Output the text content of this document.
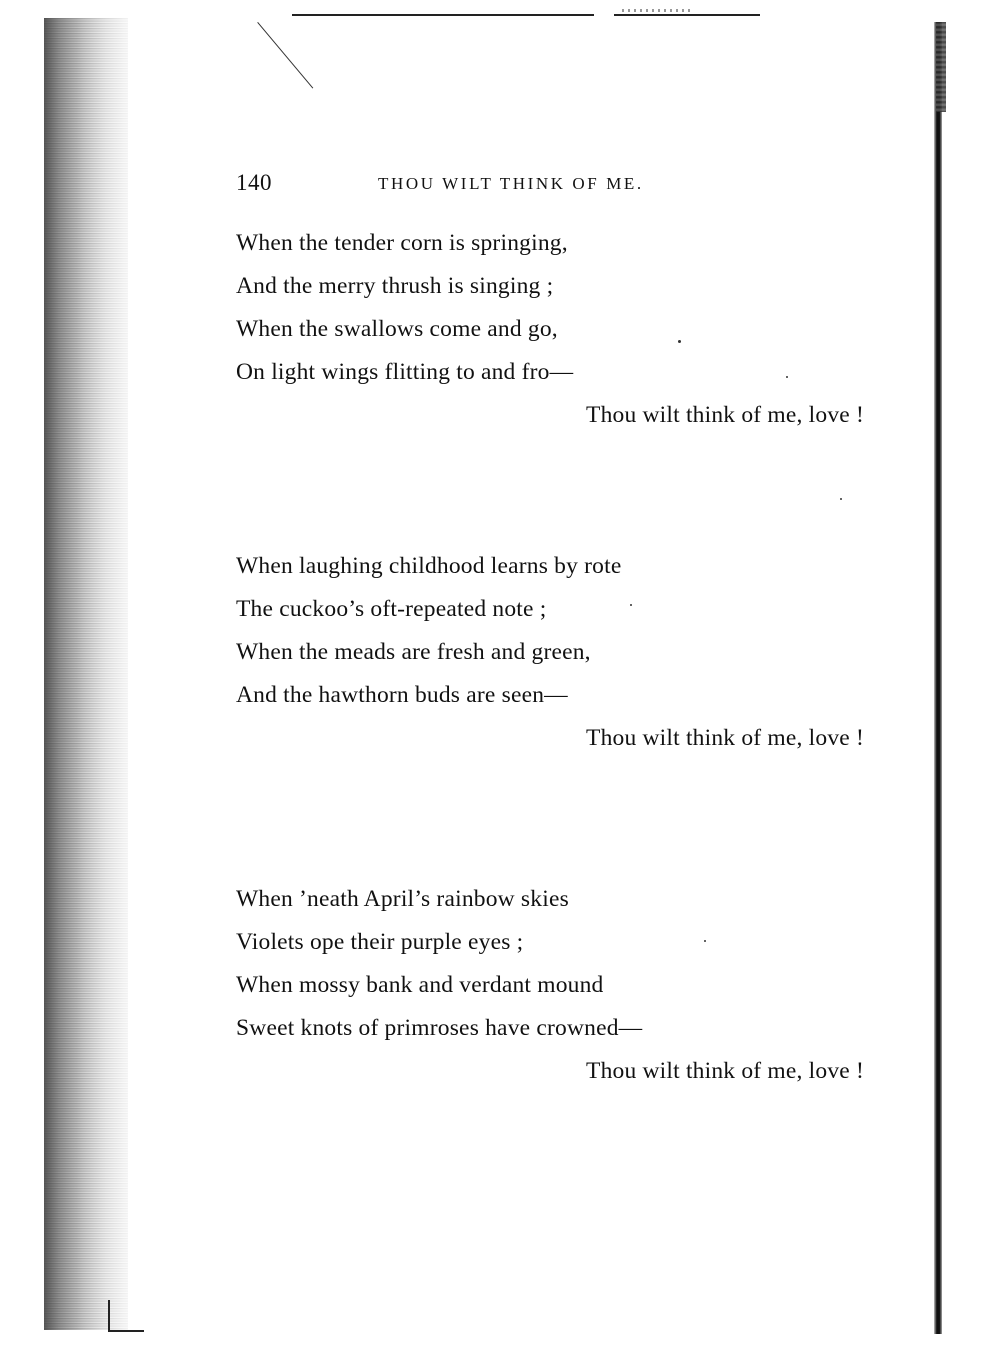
140	THOU WILT THINK OF ME.
When the tender corn is springing,
And the merry thrush is singing ;
When the swallows come and go,
On light wings flitting to and fro—
Thou wilt think of me, love !
When laughing childhood learns by rote
The cuckoo’s oft-repeated note ;
When the meads are fresh and green,
And the hawthorn buds are seen—
Thou wilt think of me, love !
When ’neath April’s rainbow skies
Violets ope their purple eyes ;
When mossy bank and verdant mound
Sweet knots of primroses have crowned—
Thou wilt think of me, love !
